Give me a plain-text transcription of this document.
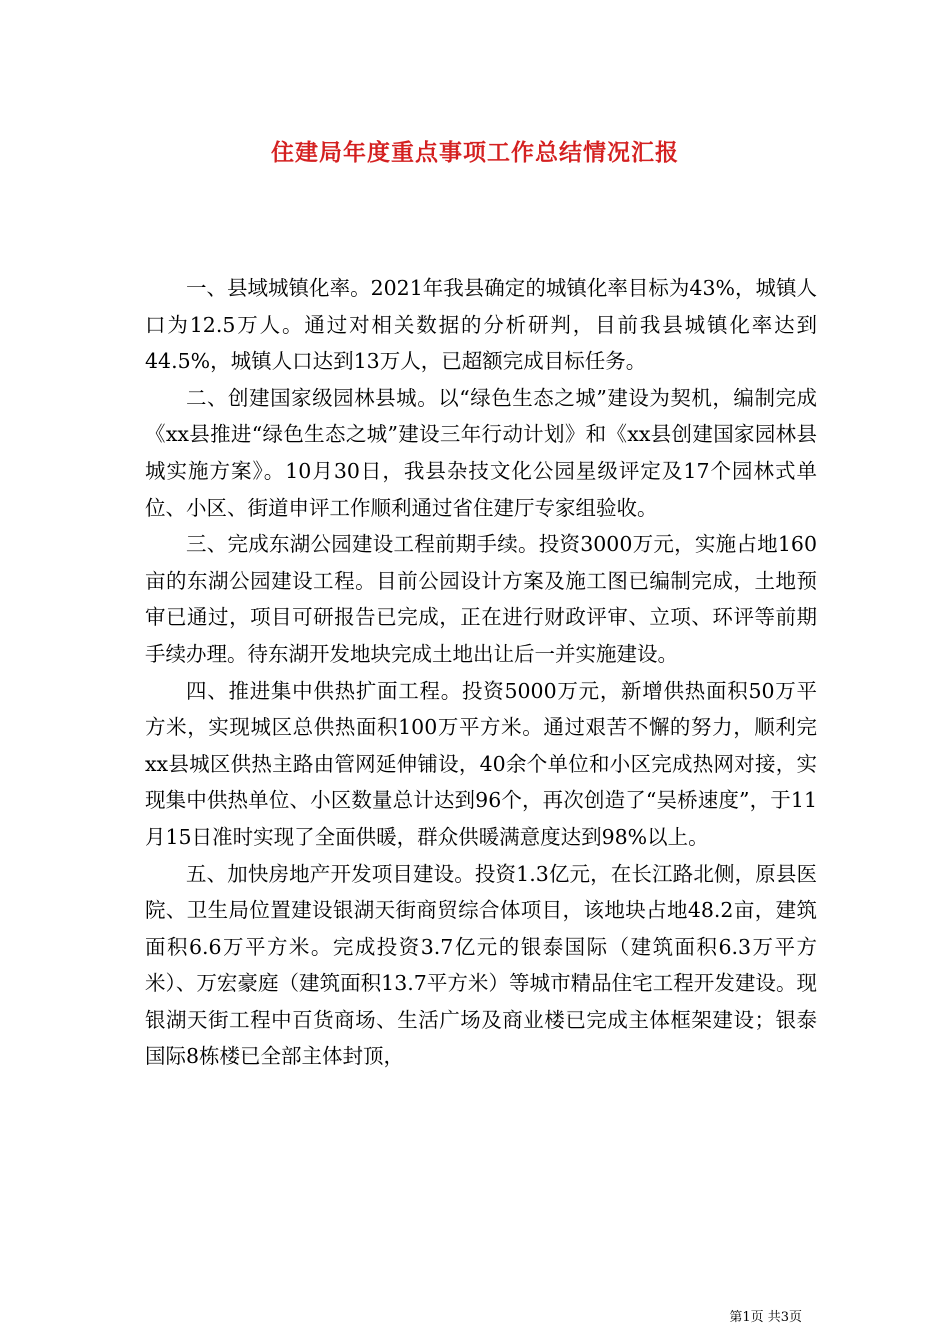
住建局年度重点事项工作总结情况汇报

一、县域城镇化率。2021年我县确定的城镇化率目标为43%，城镇人口为12.5万人。通过对相关数据的分析研判，目前我县城镇化率达到44.5%，城镇人口达到13万人，已超额完成目标任务。

二、创建国家级园林县城。以“绿色生态之城”建设为契机，编制完成《xx县推进“绿色生态之城”建设三年行动计划》和《xx县创建国家园林县城实施方案》。10月30日，我县杂技文化公园星级评定及17个园林式单位、小区、街道申评工作顺利通过省住建厅专家组验收。

三、完成东湖公园建设工程前期手续。投资3000万元，实施占地160亩的东湖公园建设工程。目前公园设计方案及施工图已编制完成，土地预审已通过，项目可研报告已完成，正在进行财政评审、立项、环评等前期手续办理。待东湖开发地块完成土地出让后一并实施建设。

四、推进集中供热扩面工程。投资5000万元，新增供热面积50万平方米，实现城区总供热面积100万平方米。通过艰苦不懈的努力，顺利完xx县城区供热主路由管网延伸铺设，40余个单位和小区完成热网对接，实现集中供热单位、小区数量总计达到96个，再次创造了“吴桥速度”，于11月15日准时实现了全面供暖，群众供暖满意度达到98%以上。

五、加快房地产开发项目建设。投资1.3亿元，在长江路北侧，原县医院、卫生局位置建设银湖天街商贸综合体项目，该地块占地48.2亩，建筑面积6.6万平方米。完成投资3.7亿元的银泰国际（建筑面积6.3万平方米）、万宏豪庭（建筑面积13.7平方米）等城市精品住宅工程开发建设。现银湖天街工程中百货商场、生活广场及商业楼已完成主体框架建设；银泰国际8栋楼已全部主体封顶，

第1页 共3页
